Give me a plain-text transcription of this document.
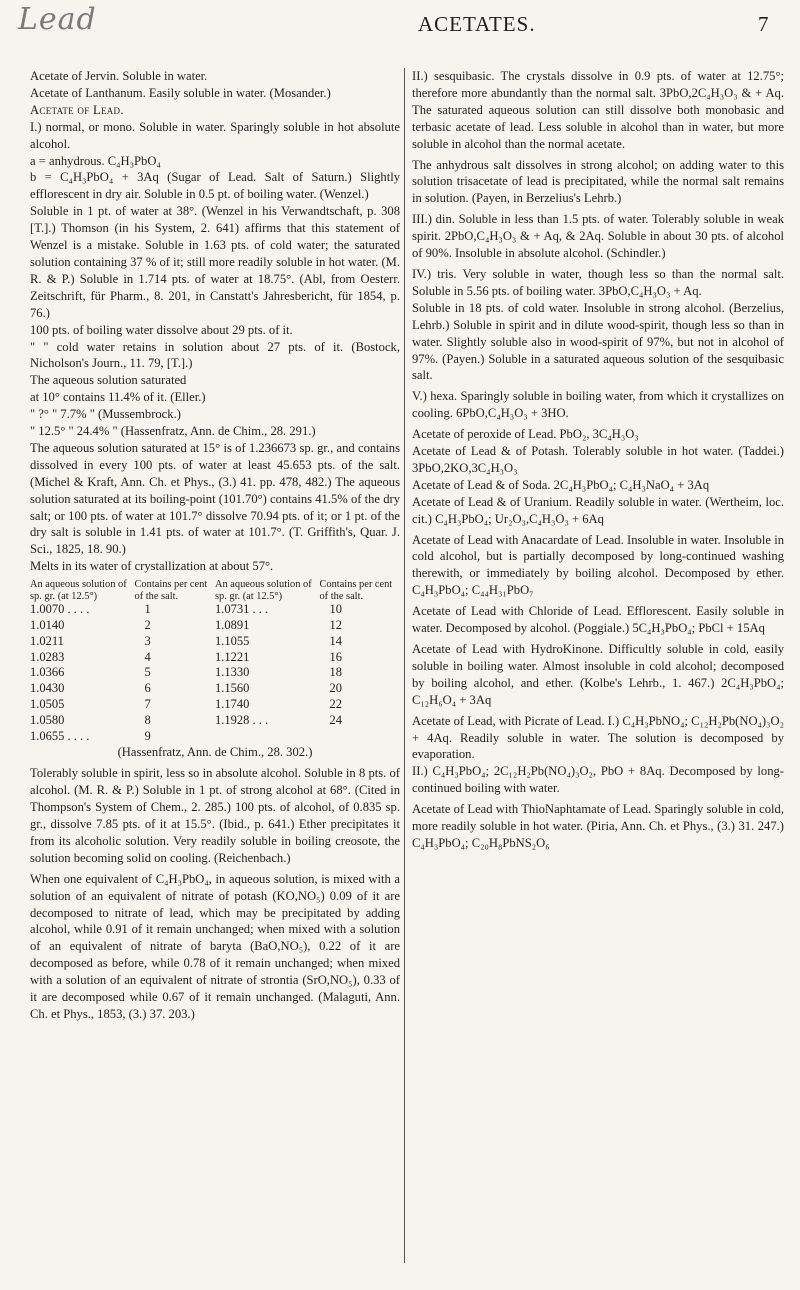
Lead	ACETATES.	7

Acetate of Jervin. Soluble in water.

Acetate of Lanthanum. Easily soluble in water. (Mosander.)

Acetate of Lead.

I.) normal, or mono. Soluble in water. Sparingly soluble in hot absolute alcohol.

a = anhydrous. C₄H₃PbO₄

b = C₄H₃PbO₄ + 3Aq (Sugar of Lead. Salt of Saturn.) Slightly efflorescent in dry air. Soluble in 0.5 pt. of boiling water. (Wenzel.)

Soluble in 1 pt. of water at 38°. (Wenzel in his Verwandtschaft, p. 308 [T.].) Thomson (in his System, 2. 641) affirms that this statement of Wenzel is a mistake. Soluble in 1.63 pts. of cold water; the saturated solution containing 37 % of it; still more readily soluble in hot water. (M. R. & P.) Soluble in 1.714 pts. of water at 18.75°. (Abl, from Oesterr. Zeitschrift, für Pharm., 8. 201, in Canstatt's Jahresbericht, für 1854, p. 76.)

100 pts. of boiling water dissolve about 29 pts. of it.

" " cold water retains in solution about 27 pts. of it. (Bostock, Nicholson's Journ., 11. 79, [T.].)

The aqueous solution saturated

at 10° contains 11.4% of it. (Eller.)

" ?° " 7.7% " (Mussembrock.)

" 12.5° " 24.4% " (Hassenfratz, Ann. de Chim., 28. 291.)

The aqueous solution saturated at 15° is of 1.236673 sp. gr., and contains dissolved in every 100 pts. of water at least 45.653 pts. of the salt. (Michel & Kraft, Ann. Ch. et Phys., (3.) 41. pp. 478, 482.) The aqueous solution saturated at its boiling-point (101.70°) contains 41.5% of the dry salt; or 100 pts. of water at 101.7° dissolve 70.94 pts. of it; or 1 pt. of the dry salt is soluble in 1.41 pts. of water at 101.7°. (T. Griffith's, Quar. J. Sci., 1825, 18. 90.)

Melts in its water of crystallization at about 57°.

An aqueous solution of sp. gr. (at 12.5°)	Contains per cent of the salt.	An aqueous solution of sp. gr. (at 12.5°)	Contains per cent of the salt.
1.0070 . . . .	1	1.0731 . . .	10
1.0140	2	1.0891	12
1.0211	3	1.1055	14
1.0283	4	1.1221	16
1.0366	5	1.1330	18
1.0430	6	1.1560	20
1.0505	7	1.1740	22
1.0580	8	1.1928 . . .	24
1.0655 . . . .	9		

(Hassenfratz, Ann. de Chim., 28. 302.)

Tolerably soluble in spirit, less so in absolute alcohol. Soluble in 8 pts. of alcohol. (M. R. & P.) Soluble in 1 pt. of strong alcohol at 68°. (Cited in Thompson's System of Chem., 2. 285.) 100 pts. of alcohol, of 0.835 sp. gr., dissolve 7.85 pts. of it at 15.5°. (Ibid., p. 641.) Ether precipitates it from its alcoholic solution. Very readily soluble in boiling creosote, the solution becoming solid on cooling. (Reichenbach.)

When one equivalent of C₄H₃PbO₄, in aqueous solution, is mixed with a solution of an equivalent of nitrate of potash (KO,NO₅) 0.09 of it are decomposed to nitrate of lead, which may be precipitated by adding alcohol, while 0.91 of it remain unchanged; when mixed with a solution of an equivalent of nitrate of baryta (BaO,NO₅), 0.22 of it are decomposed as before, while 0.78 of it remain unchanged; when mixed with a solution of an equivalent of nitrate of strontia (SrO,NO₅), 0.33 of it are decomposed while 0.67 of it remain unchanged. (Malaguti, Ann. Ch. et Phys., 1853, (3.) 37. 203.)

II.) sesquibasic. The crystals dissolve in 0.9 pts. of water at 12.75°; therefore more abundantly than the normal salt. 3PbO,2C₄H₃O₃ & + Aq. The saturated aqueous solution can still dissolve both monobasic and terbasic acetate of lead. Less soluble in alcohol than in water, but more soluble in alcohol than the normal acetate.

The anhydrous salt dissolves in strong alcohol; on adding water to this solution trisacetate of lead is precipitated, while the normal salt remains in solution. (Payen, in Berzelius's Lehrb.)

III.) din. Soluble in less than 1.5 pts. of water. Tolerably soluble in weak spirit. 2PbO,C₄H₃O₃ & + Aq, & 2Aq. Soluble in about 30 pts. of alcohol of 90%. Insoluble in absolute alcohol. (Schindler.)

IV.) tris. Very soluble in water, though less so than the normal salt. Soluble in 5.56 pts. of boiling water. 3PbO,C₄H₃O₃ + Aq.

Soluble in 18 pts. of cold water. Insoluble in strong alcohol. (Berzelius, Lehrb.) Soluble in spirit and in dilute wood-spirit, though less so than in water. Slightly soluble also in wood-spirit of 97%, but not in alcohol of 97%. (Payen.) Soluble in a saturated aqueous solution of the sesquibasic salt.

V.) hexa. Sparingly soluble in boiling water, from which it crystallizes on cooling. 6PbO,C₄H₃O₃ + 3HO.

Acetate of peroxide of Lead. PbO₂, 3C₄H₃O₃

Acetate of Lead & of Potash. Tolerably soluble in hot water. (Taddei.) 3PbO,2KO,3C₄H₃O₃

Acetate of Lead & of Soda. 2C₄H₃PbO₄; C₄H₃NaO₄ + 3Aq

Acetate of Lead & of Uranium. Readily soluble in water. (Wertheim, loc. cit.) C₄H₃PbO₄; Ur₂O₃,C₄H₃O₃ + 6Aq

Acetate of Lead with Anacardate of Lead. Insoluble in water. Insoluble in cold alcohol, but is partially decomposed by long-continued washing therewith, or immediately by boiling alcohol. Decomposed by ether. C₄H₃PbO₄; C₄₄H₃₁PbO₇

Acetate of Lead with Chloride of Lead. Efflorescent. Easily soluble in water. Decomposed by alcohol. (Poggiale.) 5C₄H₃PbO₄; PbCl + 15Aq

Acetate of Lead with HydroKinone. Difficultly soluble in cold, easily soluble in boiling water. Almost insoluble in cold alcohol; decomposed by boiling alcohol, and ether. (Kolbe's Lehrb., 1. 467.) 2C₄H₃PbO₄; C₁₂H₆O₄ + 3Aq

Acetate of Lead, with Picrate of Lead. I.) C₄H₃PbNO₄; C₁₂H₂Pb(NO₄)₃O₂ + 4Aq. Readily soluble in water. The solution is decomposed by evaporation.

II.) C₄H₃PbO₄; 2C₁₂H₂Pb(NO₄)₃O₂, PbO + 8Aq. Decomposed by long-continued boiling with water.

Acetate of Lead with ThioNaphtamate of Lead. Sparingly soluble in cold, more readily soluble in hot water. (Piria, Ann. Ch. et Phys., (3.) 31. 247.) C₄H₃PbO₄; C₂₀H₈PbNS₂O₆
